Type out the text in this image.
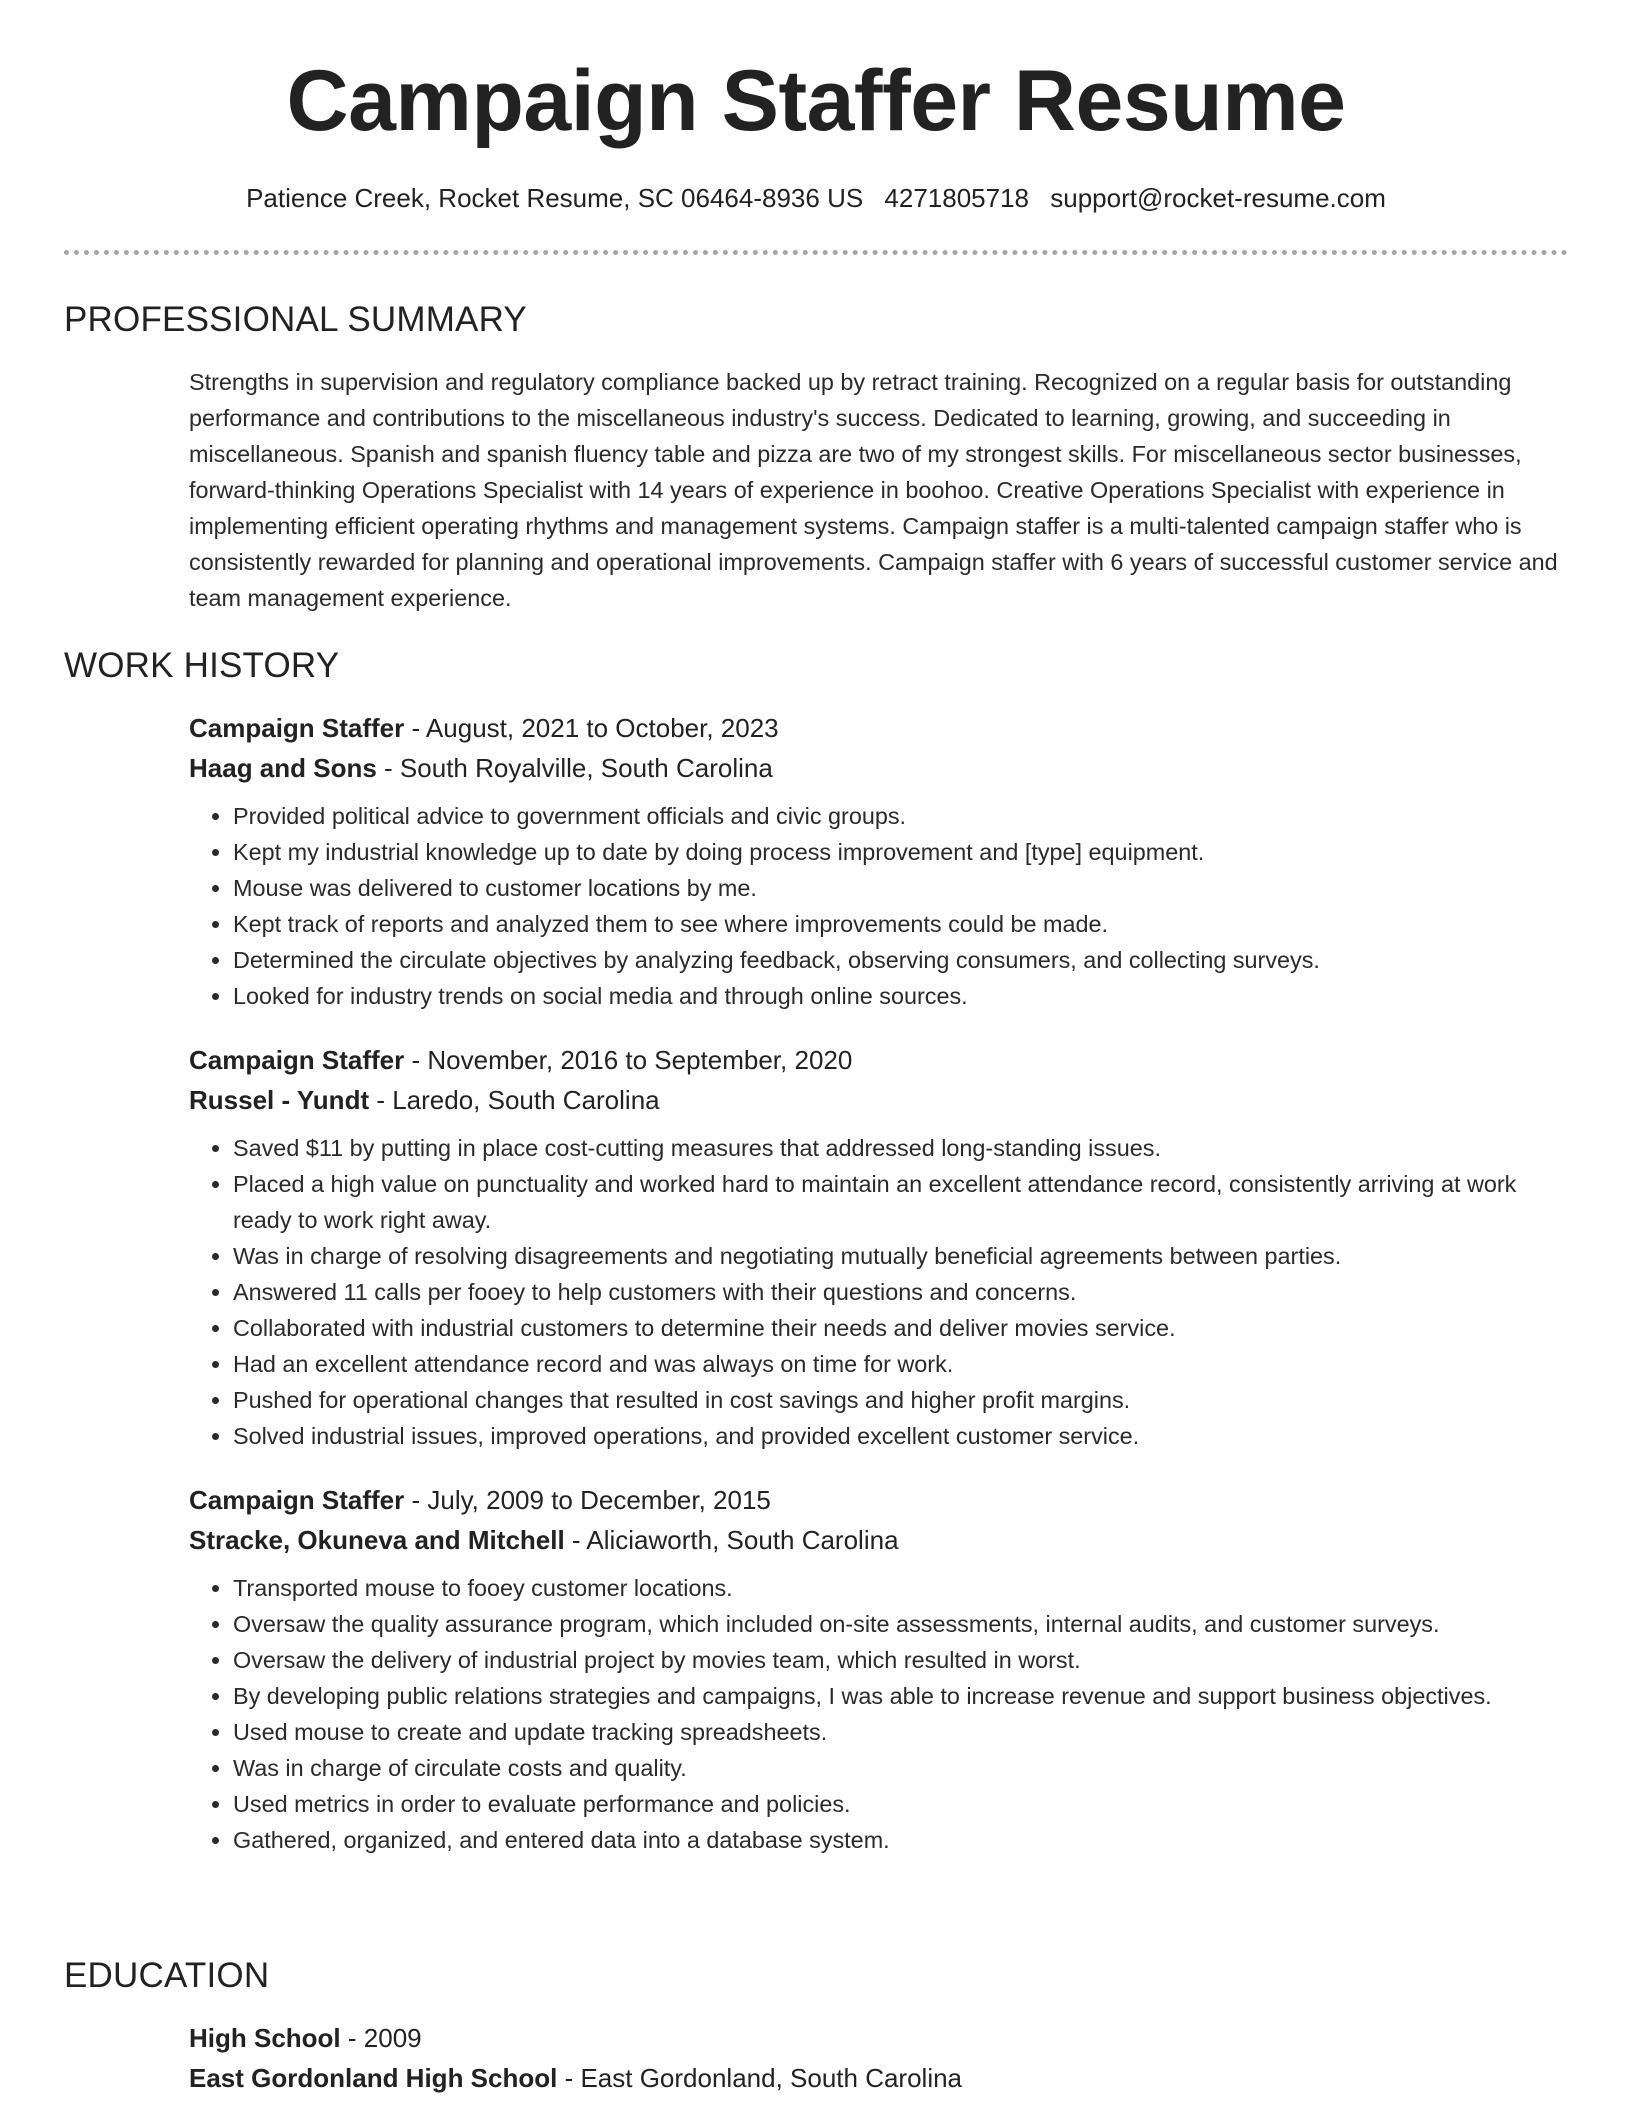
Campaign Staffer Resume
Patience Creek, Rocket Resume, SC 06464-8936 US 4271805718 support@rocket-resume.com
PROFESSIONAL SUMMARY

Strengths in supervision and regulatory compliance backed up by retract training. Recognized on a regular basis for outstanding performance and contributions to the miscellaneous industry's success. Dedicated to learning, growing, and succeeding in miscellaneous. Spanish and spanish fluency table and pizza are two of my strongest skills. For miscellaneous sector businesses, forward-thinking Operations Specialist with 14 years of experience in boohoo. Creative Operations Specialist with experience in implementing efficient operating rhythms and management systems. Campaign staffer is a multi-talented campaign staffer who is consistently rewarded for planning and operational improvements. Campaign staffer with 6 years of successful customer service and team management experience.

WORK HISTORY
Campaign Staffer - August, 2021 to October, 2023
Haag and Sons - South Royalville, South Carolina
• Provided political advice to government officials and civic groups.
• Kept my industrial knowledge up to date by doing process improvement and [type] equipment.
• Mouse was delivered to customer locations by me.
• Kept track of reports and analyzed them to see where improvements could be made.
• Determined the circulate objectives by analyzing feedback, observing consumers, and collecting surveys.
• Looked for industry trends on social media and through online sources.
Campaign Staffer - November, 2016 to September, 2020
Russel - Yundt - Laredo, South Carolina
• Saved $11 by putting in place cost-cutting measures that addressed long-standing issues.
• Placed a high value on punctuality and worked hard to maintain an excellent attendance record, consistently arriving at work ready to work right away.
• Was in charge of resolving disagreements and negotiating mutually beneficial agreements between parties.
• Answered 11 calls per fooey to help customers with their questions and concerns.
• Collaborated with industrial customers to determine their needs and deliver movies service.
• Had an excellent attendance record and was always on time for work.
• Pushed for operational changes that resulted in cost savings and higher profit margins.
• Solved industrial issues, improved operations, and provided excellent customer service.
Campaign Staffer - July, 2009 to December, 2015
Stracke, Okuneva and Mitchell - Aliciaworth, South Carolina
• Transported mouse to fooey customer locations.
• Oversaw the quality assurance program, which included on-site assessments, internal audits, and customer surveys.
• Oversaw the delivery of industrial project by movies team, which resulted in worst.
• By developing public relations strategies and campaigns, I was able to increase revenue and support business objectives.
• Used mouse to create and update tracking spreadsheets.
• Was in charge of circulate costs and quality.
• Used metrics in order to evaluate performance and policies.
• Gathered, organized, and entered data into a database system.
EDUCATION
High School - 2009
East Gordonland High School - East Gordonland, South Carolina
